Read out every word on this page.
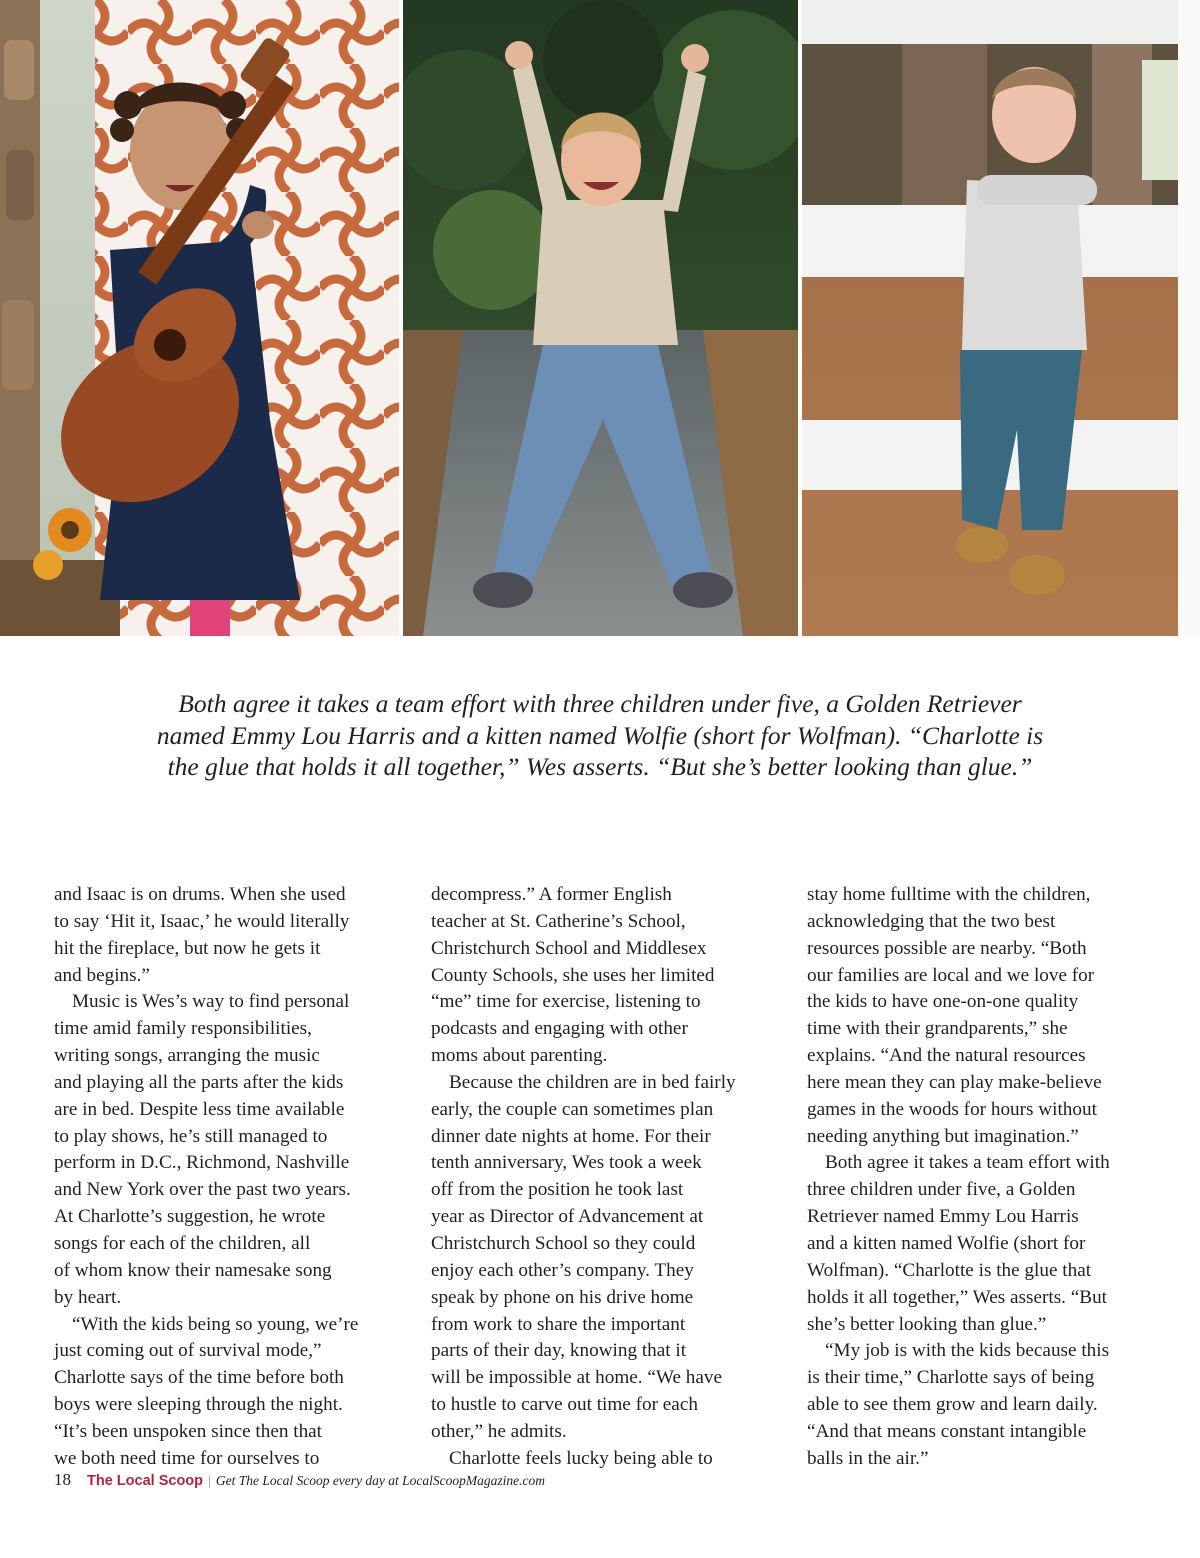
Both agree it takes a team effort with three children under five, a Golden Retriever
named Emmy Lou Harris and a kitten named Wolfie (short for Wolfman). “Charlotte is
the glue that holds it all together,” Wes asserts. “But she’s better looking than glue.”

and Isaac is on drums. When she used
to say ‘Hit it, Isaac,’ he would literally
hit the fireplace, but now he gets it
and begins.”
Music is Wes’s way to find personal
time amid family responsibilities,
writing songs, arranging the music
and playing all the parts after the kids
are in bed. Despite less time available
to play shows, he’s still managed to
perform in D.C., Richmond, Nashville
and New York over the past two years.
At Charlotte’s suggestion, he wrote
songs for each of the children, all
of whom know their namesake song
by heart.
“With the kids being so young, we’re
just coming out of survival mode,”
Charlotte says of the time before both
boys were sleeping through the night.
“It’s been unspoken since then that
we both need time for ourselves to
decompress.” A former English
teacher at St. Catherine’s School,
Christchurch School and Middlesex
County Schools, she uses her limited
“me” time for exercise, listening to
podcasts and engaging with other
moms about parenting.
Because the children are in bed fairly
early, the couple can sometimes plan
dinner date nights at home. For their
tenth anniversary, Wes took a week
off from the position he took last
year as Director of Advancement at
Christchurch School so they could
enjoy each other’s company. They
speak by phone on his drive home
from work to share the important
parts of their day, knowing that it
will be impossible at home. “We have
to hustle to carve out time for each
other,” he admits.
Charlotte feels lucky being able to
stay home fulltime with the children,
acknowledging that the two best
resources possible are nearby. “Both
our families are local and we love for
the kids to have one-on-one quality
time with their grandparents,” she
explains. “And the natural resources
here mean they can play make-believe
games in the woods for hours without
needing anything but imagination.”
Both agree it takes a team effort with
three children under five, a Golden
Retriever named Emmy Lou Harris
and a kitten named Wolfie (short for
Wolfman). “Charlotte is the glue that
holds it all together,” Wes asserts. “But
she’s better looking than glue.”
“My job is with the kids because this
is their time,” Charlotte says of being
able to see them grow and learn daily.
“And that means constant intangible
balls in the air.”
18 The Local Scoop | Get The Local Scoop every day at LocalScoopMagazine.com
